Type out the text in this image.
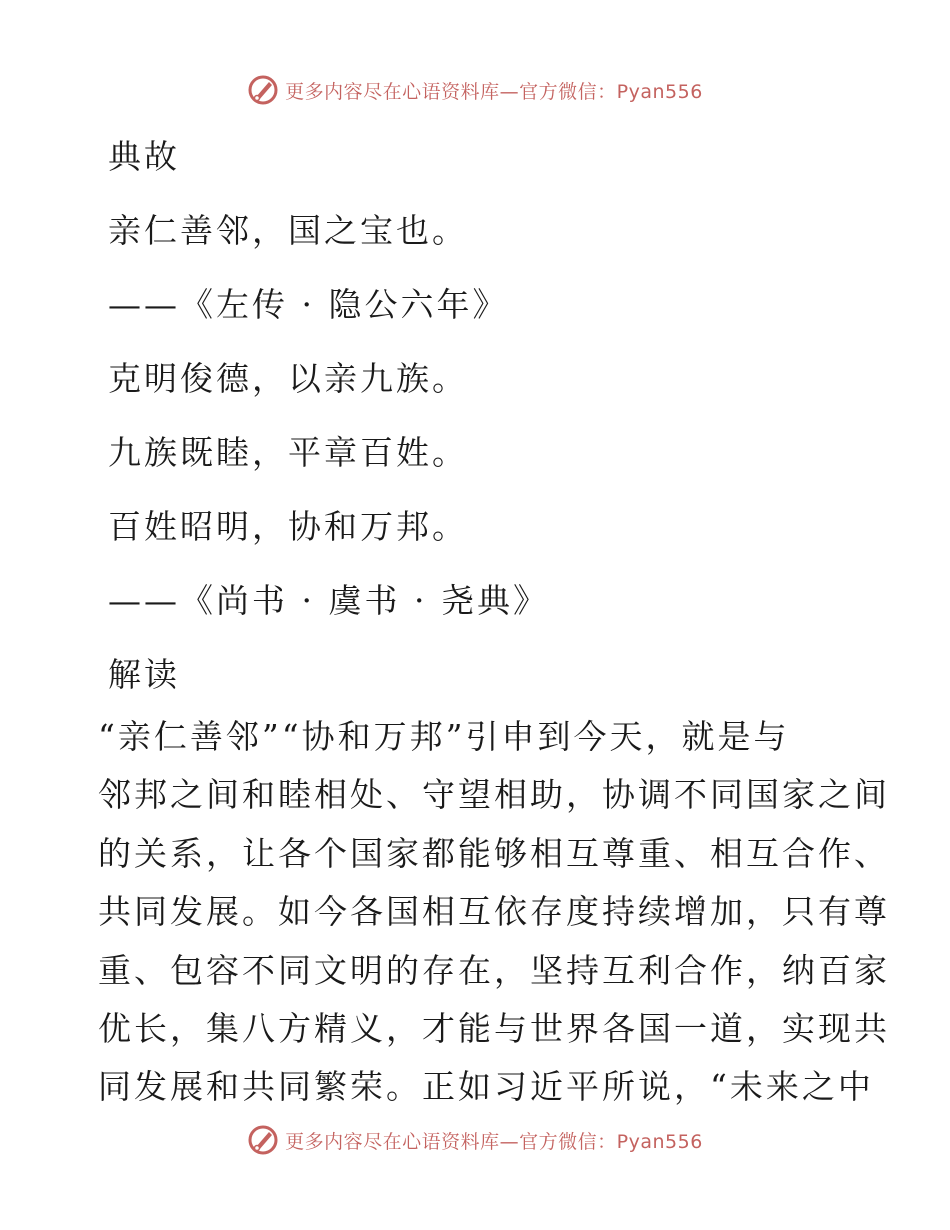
更多内容尽在心语资料库—官方微信：Pyan556
典故
亲仁善邻，国之宝也。
——《左传 · 隐公六年》
克明俊德，以亲九族。
九族既睦，平章百姓。
百姓昭明，协和万邦。
——《尚书 · 虞书 · 尧典》
解读
“亲仁善邻”“协和万邦”引申到今天，就是与
邻邦之间和睦相处、守望相助，协调不同国家之间
的关系，让各个国家都能够相互尊重、相互合作、
共同发展。如今各国相互依存度持续增加，只有尊
重、包容不同文明的存在，坚持互利合作，纳百家
优长，集八方精义，才能与世界各国一道，实现共
同发展和共同繁荣。正如习近平所说，“未来之中
更多内容尽在心语资料库—官方微信：Pyan556
